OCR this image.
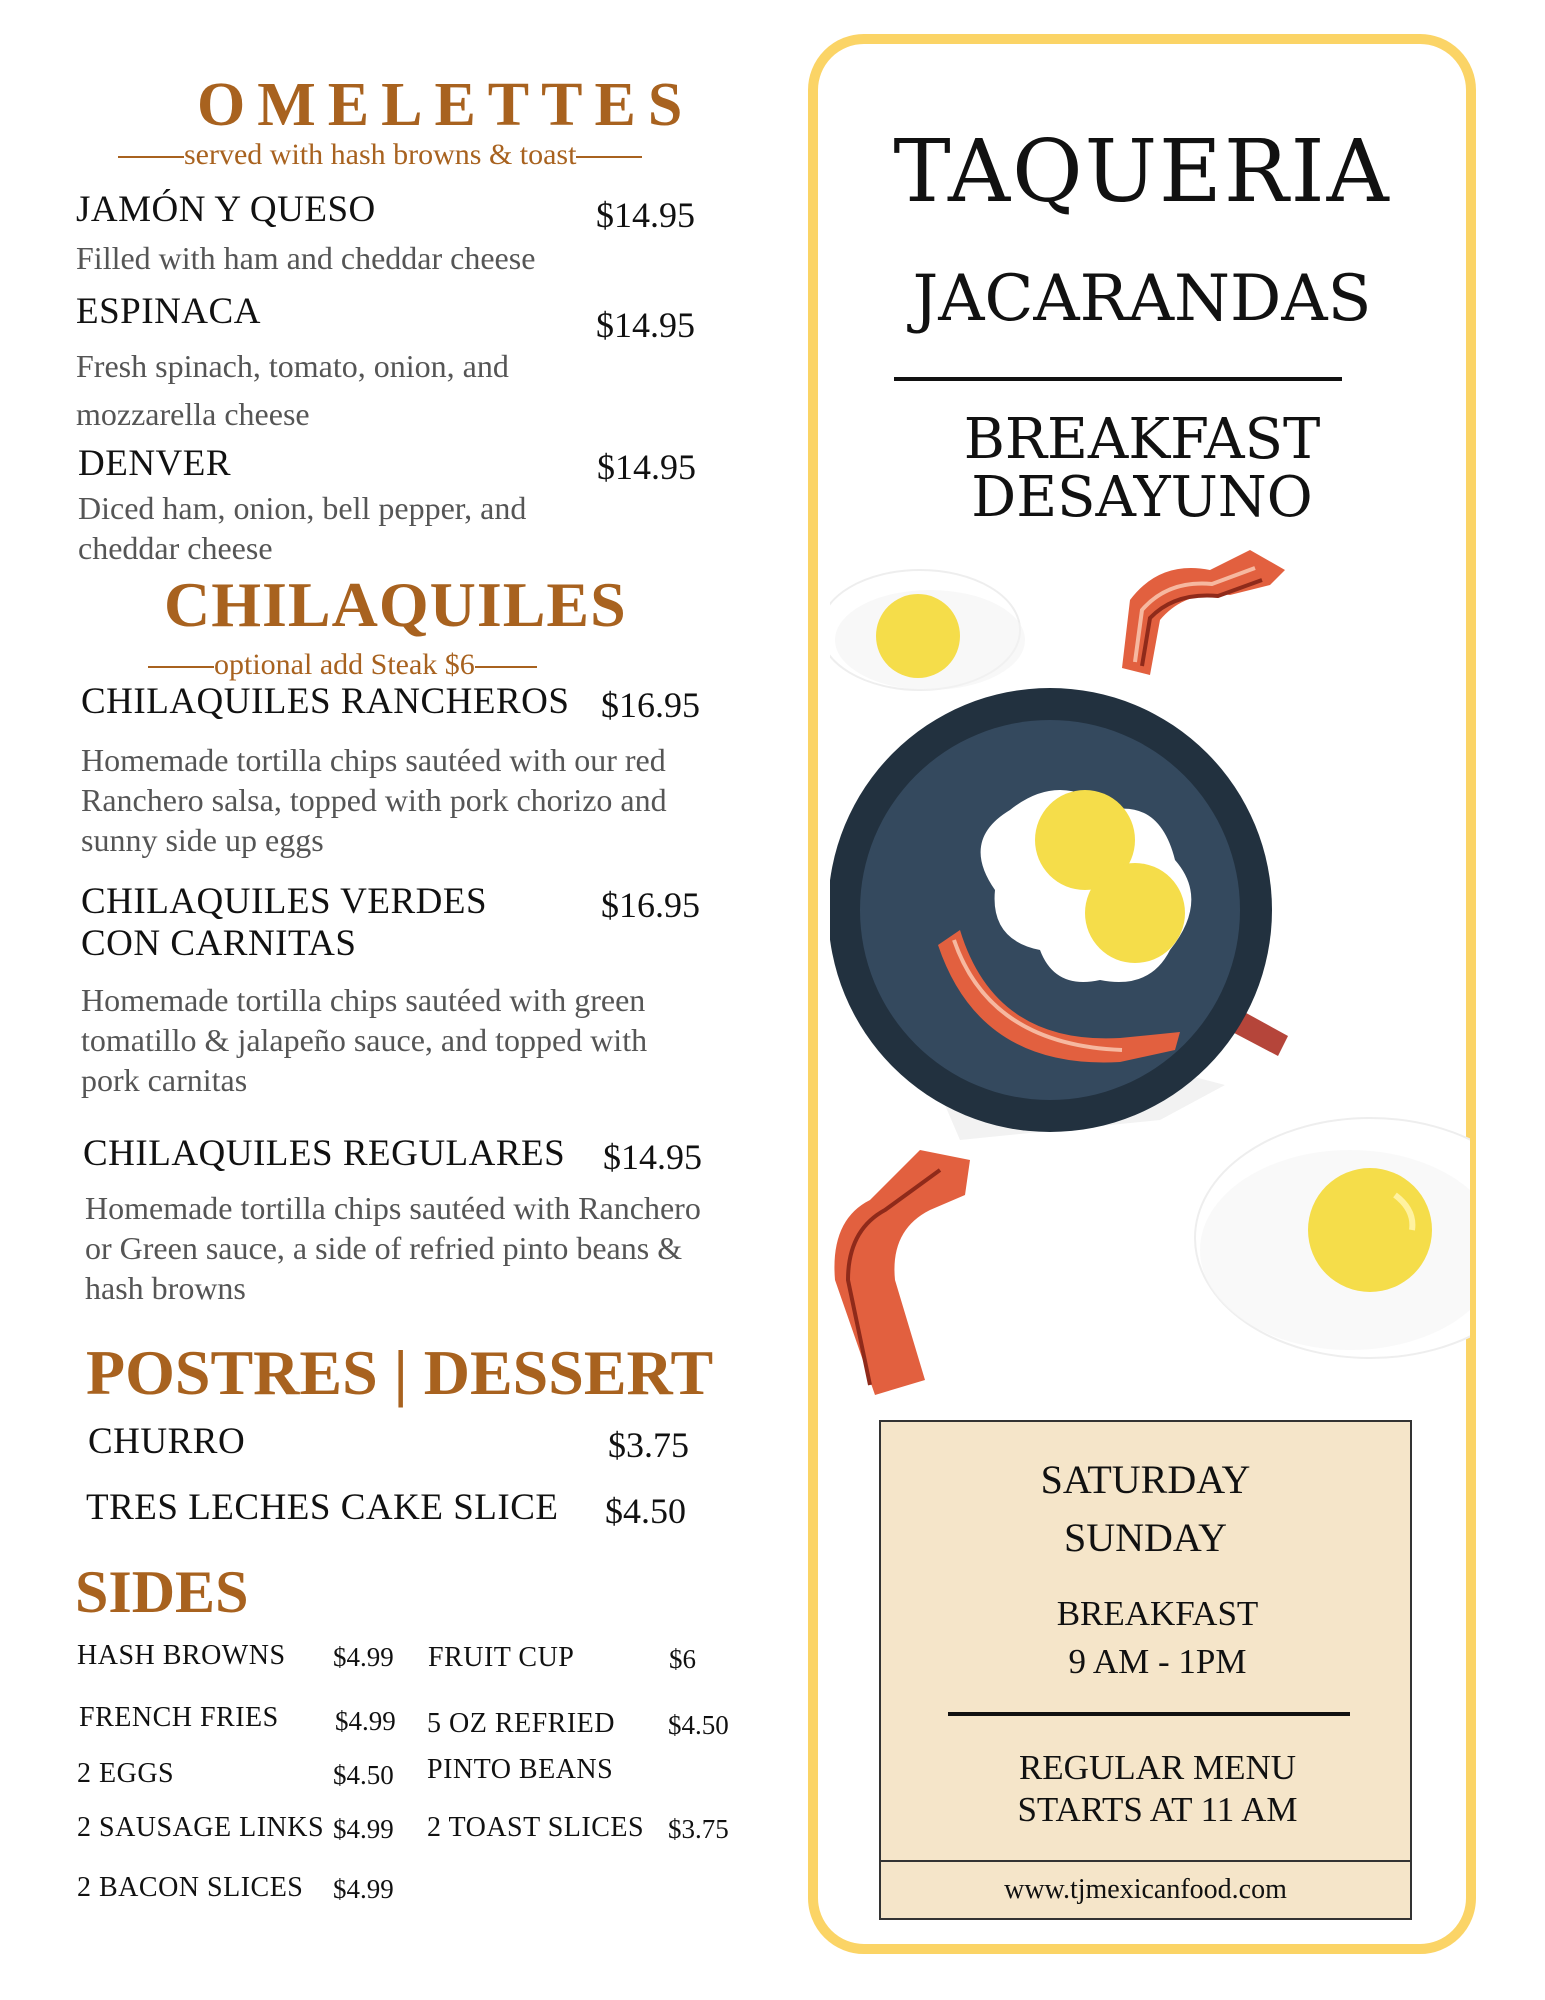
OMELETTES
served with hash browns & toast
JAMÓN Y QUESO	$14.95
Filled with ham and cheddar cheese
ESPINACA	$14.95
Fresh spinach, tomato, onion, and mozzarella cheese
DENVER	$14.95
Diced ham, onion, bell pepper, and cheddar cheese
CHILAQUILES
optional add Steak $6
CHILAQUILES RANCHEROS $16.95
Homemade tortilla chips sautéed with our red Ranchero salsa, topped with pork chorizo and sunny side up eggs
CHILAQUILES VERDES
CON CARNITAS
$16.95
Homemade tortilla chips sautéed with green tomatillo & jalapeño sauce, and topped with pork carnitas
CHILAQUILES REGULARES $14.95
Homemade tortilla chips sautéed with Ranchero or Green sauce, a side of refried pinto beans & hash browns
POSTRES | DESSERT
CHURRO	$3.75
TRES LECHES CAKE SLICE $4.50
SIDES
HASH BROWNS $4.99
FRENCH FRIES $4.99
2 EGGS	$4.50
2 SAUSAGE LINKS $4.99
2 BACON SLICES $4.99
FRUIT CUP	$6
5 OZ REFRIED
PINTO BEANS
$4.50
2 TOAST SLICES $3.75
TAQUERIA
JACARANDAS
BREAKFAST
DESAYUNO
SATURDAY
SUNDAY
BREAKFAST
9 AM - 1PM
REGULAR MENU
STARTS AT 11 AM
www.tjmexicanfood.com
